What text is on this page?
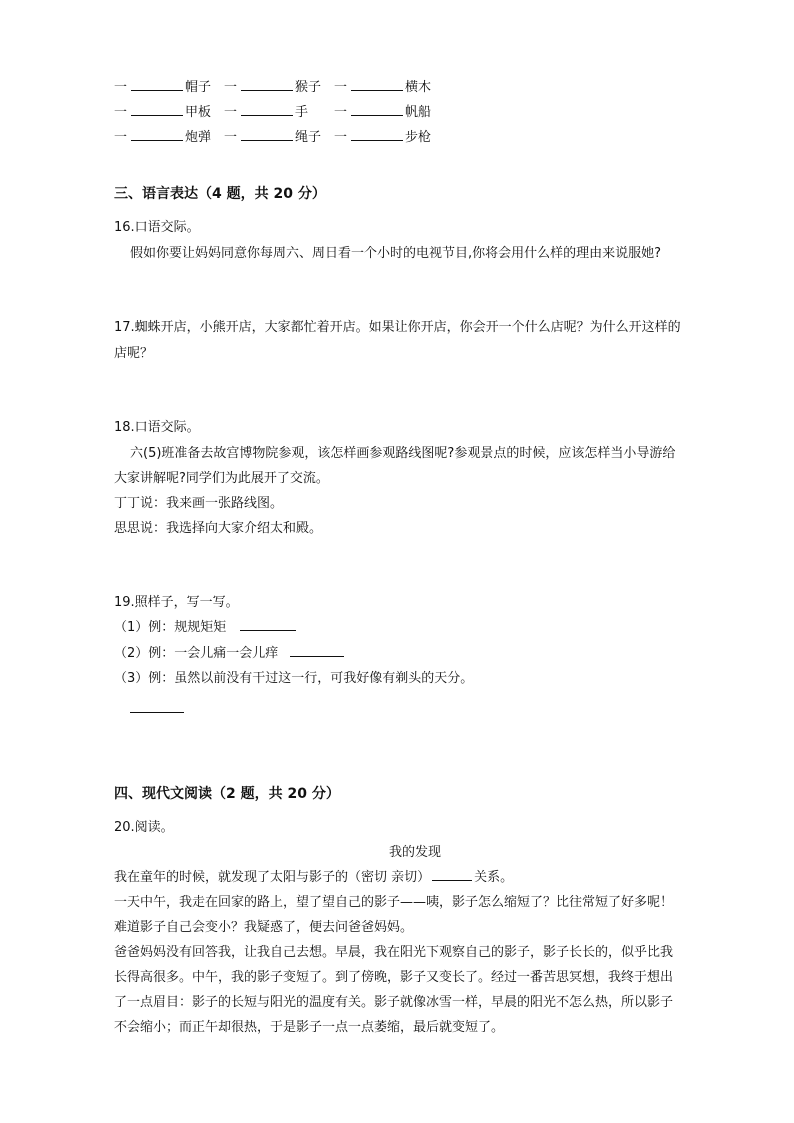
一	帽子 一	猴子 一	横木
一	甲板 一	手 一	帆船
一	炮弹 一	绳子 一	步枪
三、语言表达（4 题，共 20 分）
16.口语交际。
假如你要让妈妈同意你每周六、周日看一个小时的电视节目,你将会用什么样的理由来说服她?
17.蜘蛛开店，小熊开店，大家都忙着开店。如果让你开店，你会开一个什么店呢？为什么开这样的
店呢？
18.口语交际。
六(5)班准备去故宫博物院参观，该怎样画参观路线图呢?参观景点的时候，应该怎样当小导游给
大家讲解呢?同学们为此展开了交流。
丁丁说：我来画一张路线图。
思思说：我选择向大家介绍太和殿。
19.照样子，写一写。
（1）例：规规矩矩
（2）例：一会儿痛一会儿痒
（3）例：虽然以前没有干过这一行，可我好像有剃头的天分。
四、现代文阅读（2 题，共 20 分）
20.阅读。
我的发现
我在童年的时候，就发现了太阳与影子的（密切 亲切）	关系。
一天中午，我走在回家的路上，望了望自己的影子——咦，影子怎么缩短了？比往常短了好多呢！
难道影子自己会变小？我疑惑了，便去问爸爸妈妈。
爸爸妈妈没有回答我，让我自己去想。早晨，我在阳光下观察自己的影子，影子长长的，似乎比我
长得高很多。中午，我的影子变短了。到了傍晚，影子又变长了。经过一番苦思冥想，我终于想出
了一点眉目：影子的长短与阳光的温度有关。影子就像冰雪一样，早晨的阳光不怎么热，所以影子
不会缩小；而正午却很热，于是影子一点一点萎缩，最后就变短了。
